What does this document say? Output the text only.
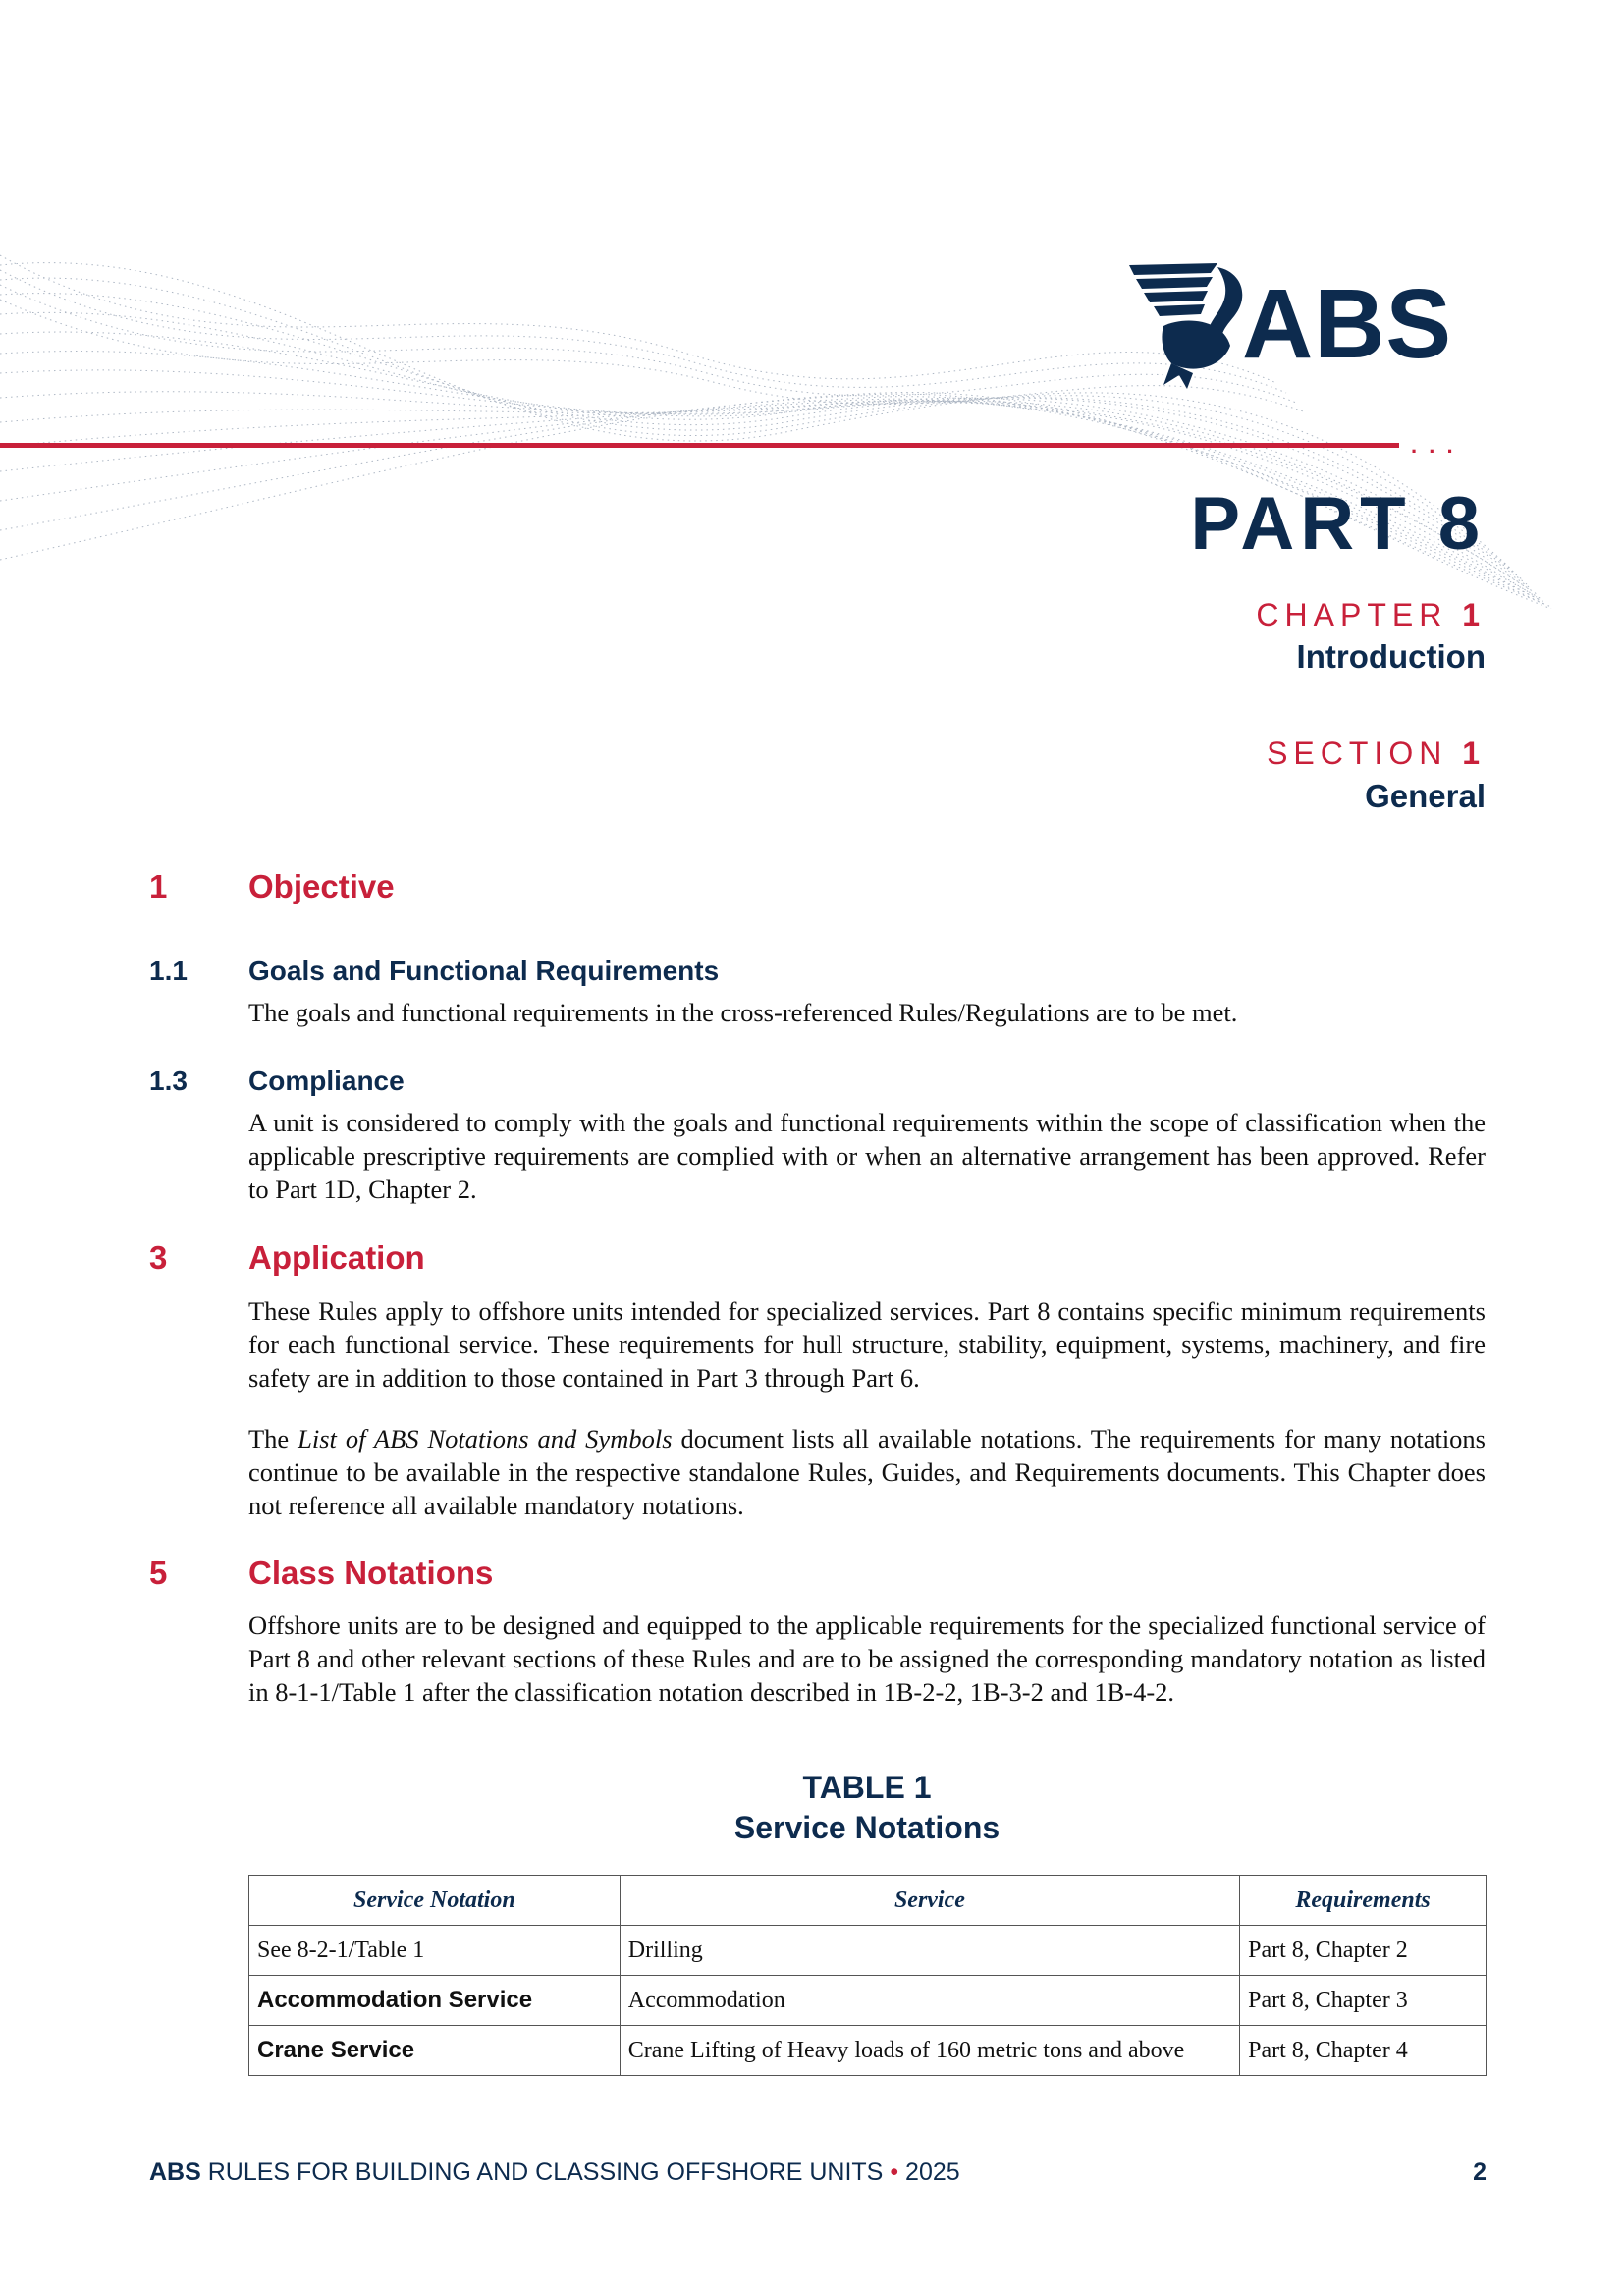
ABS
. . .
PART 8
CHAPTER 1
Introduction
SECTION 1
General
1	Objective
1.1 Goals and Functional Requirements
The goals and functional requirements in the cross-referenced Rules/Regulations are to be met.
1.3 Compliance
A unit is considered to comply with the goals and functional requirements within the scope of classification when the applicable prescriptive requirements are complied with or when an alternative arrangement has been approved. Refer to Part 1D, Chapter 2.
3	Application
These Rules apply to offshore units intended for specialized services. Part 8 contains specific minimum requirements for each functional service. These requirements for hull structure, stability, equipment, systems, machinery, and fire safety are in addition to those contained in Part 3 through Part 6.
The List of ABS Notations and Symbols document lists all available notations. The requirements for many notations continue to be available in the respective standalone Rules, Guides, and Requirements documents. This Chapter does not reference all available mandatory notations.
5	Class Notations
Offshore units are to be designed and equipped to the applicable requirements for the specialized functional service of Part 8 and other relevant sections of these Rules and are to be assigned the corresponding mandatory notation as listed in 8-1-1/Table 1 after the classification notation described in 1B-2-2, 1B-3-2 and 1B-4-2.
TABLE 1
Service Notations
Service Notation	Service	Requirements
See 8-2-1/Table 1	Drilling	Part 8, Chapter 2
Accommodation Service	Accommodation	Part 8, Chapter 3
Crane Service	Crane Lifting of Heavy loads of 160 metric tons and above	Part 8, Chapter 4
ABS RULES FOR BUILDING AND CLASSING OFFSHORE UNITS • 2025	2
